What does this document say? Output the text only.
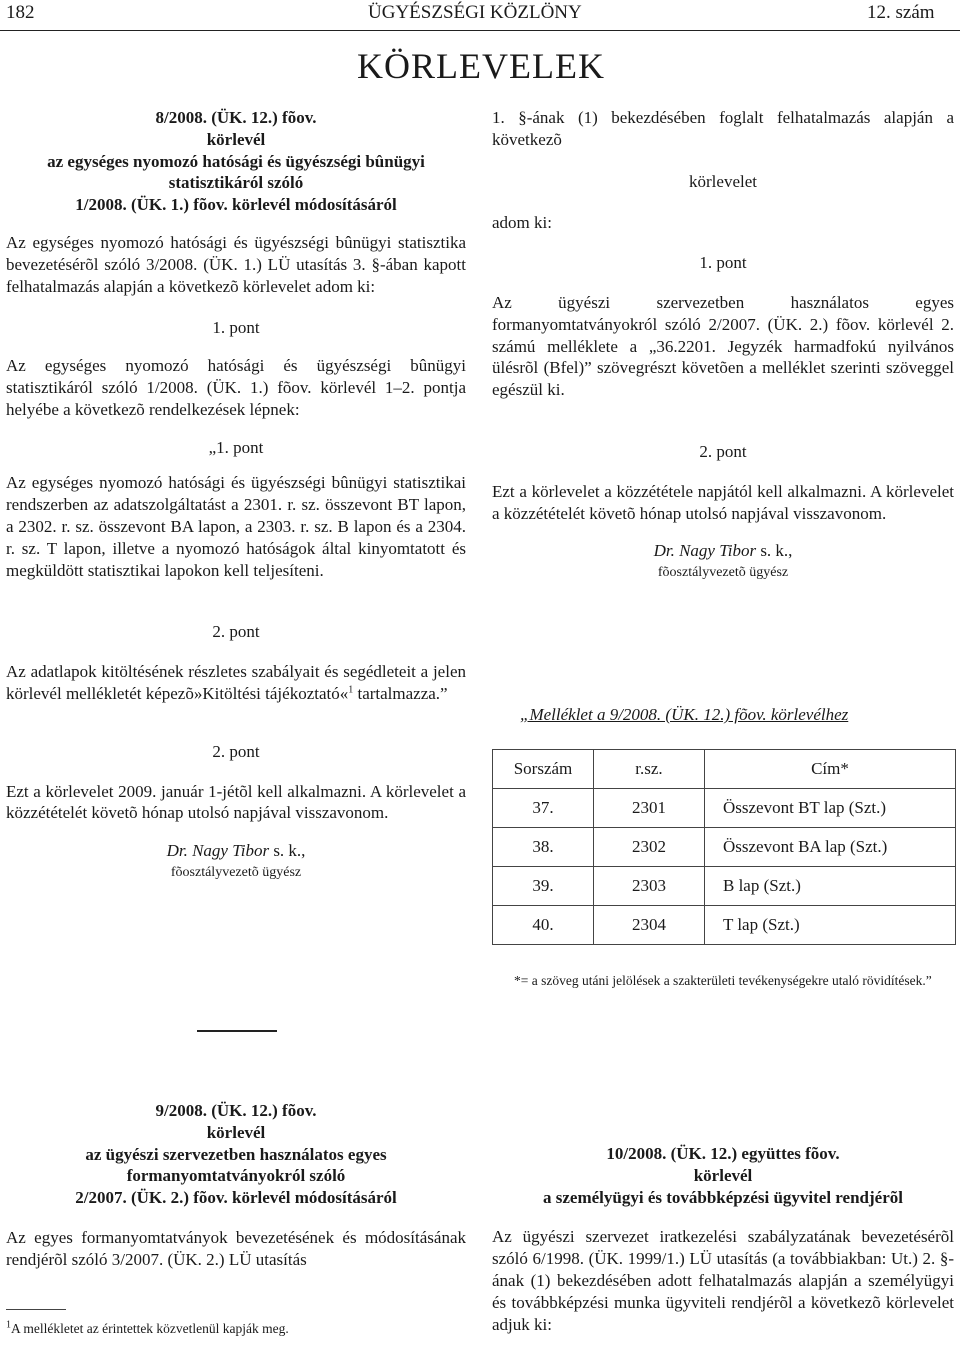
182	ÜGYÉSZSÉGI KÖZLÖNY	12. szám
KÖRLEVELEK
8/2008. (ÜK. 12.) fõov.
körlevél
az egységes nyomozó hatósági és ügyészségi bûnügyi
statisztikáról szóló
1/2008. (ÜK. 1.) fõov. körlevél módosításáról

Az egységes nyomozó hatósági és ügyészségi bûnügyi statisztika bevezetésérõl szóló 3/2008. (ÜK. 1.) LÜ utasítás 3. §-ában kapott felhatalmazás alapján a következõ körlevelet adom ki:

1. pont

Az egységes nyomozó hatósági és ügyészségi bûnügyi statisztikáról szóló 1/2008. (ÜK. 1.) fõov. körlevél 1–2. pontja helyébe a következõ rendelkezések lépnek:

„1. pont

Az egységes nyomozó hatósági és ügyészségi bûnügyi statisztikai rendszerben az adatszolgáltatást a 2301. r. sz. összevont BT lapon, a 2302. r. sz. összevont BA lapon, a 2303. r. sz. B lapon és a 2304. r. sz. T lapon, illetve a nyomozó hatóságok által kinyomtatott és megküldött statisztikai lapokon kell teljesíteni.

2. pont

Az adatlapok kitöltésének részletes szabályait és segédleteit a jelen körlevél mellékletét képezõ»Kitöltési tájékoztató«$^1$ tartalmazza.”

2. pont

Ezt a körlevelet 2009. január 1-jétõl kell alkalmazni. A körlevelet a közzétételét követõ hónap utolsó napjával visszavonom.

Dr. Nagy Tibor s. k.,

fõosztályvezetõ ügyész

1. §-ának (1) bekezdésében foglalt felhatalmazás alapján a következõ

körlevelet

adom ki:

1. pont

Az ügyészi szervezetben használatos egyes formanyomtatványokról szóló 2/2007. (ÜK. 2.) fõov. körlevél 2. számú melléklete a „36.2201. Jegyzék harmadfokú nyilvános ülésrõl (Bfel)” szövegrészt követõen a melléklet szerinti szöveggel egészül ki.

2. pont

Ezt a körlevelet a közzététele napjától kell alkalmazni. A körlevelet a közzétételét követõ hónap utolsó napjával visszavonom.

Dr. Nagy Tibor s. k.,

fõosztályvezetõ ügyész

„Melléklet a 9/2008. (ÜK. 12.) fõov. körlevélhez
Sorszám	r.sz.	Cím*
37.	2301	Összevont BT lap (Szt.)
38.	2302	Összevont BA lap (Szt.)
39.	2303	B lap (Szt.)
40.	2304	T lap (Szt.)
*= a szöveg utáni jelölések a szakterületi tevékenységekre utaló rövidítések.”
9/2008. (ÜK. 12.) fõov.
körlevél
az ügyészi szervezetben használatos egyes
formanyomtatványokról szóló
2/2007. (ÜK. 2.) fõov. körlevél módosításáról

Az egyes formanyomtatványok bevezetésének és módosításának rendjérõl szóló 3/2007. (ÜK. 2.) LÜ utasítás

$^1$A mellékletet az érintettek közvetlenül kapják meg.
10/2008. (ÜK. 12.) együttes fõov.
körlevél
a személyügyi és továbbképzési ügyvitel rendjérõl

Az ügyészi szervezet iratkezelési szabályzatának bevezetésérõl szóló 6/1998. (ÜK. 1999/1.) LÜ utasítás (a továbbiakban: Ut.) 2. §-ának (1) bekezdésében adott felhatalmazás alapján a személyügyi és továbbképzési munka ügyviteli rendjérõl a következõ körlevelet adjuk ki:
